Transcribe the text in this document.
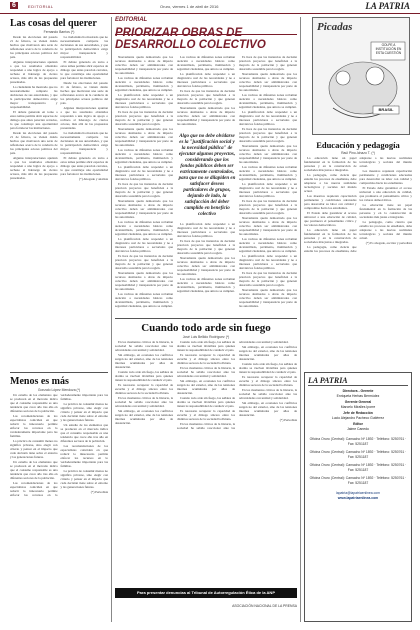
6	EDITORIAL	Oruro, viernes 1 de abril de 2016	LA PATRIA
Las cosas del querer
Fernando Barrios (*)

Desde las elecciones del pasado 21 de febrero, se vienen dando hechos que motivaron una serie de reflexiones acerca de la conducta de los principales actores políticos del país.

Algunas interpretaciones apuntan a que los resultados obtenidos responden a una lógica de apoyo o rechazo al liderazgo de ciertos actores, más allá de las propuestas presentadas.

La ciudadanía ha mostrado que no necesariamente comparte las decisiones de sus autoridades, y que la participación democrática exige mayor transparencia y responsabilidad.

El debate generado en torno a estos temas permite abrir espacios de diálogo que antes parecían cerrados, lo que constituye una oportunidad para fortalecer las instituciones.

Desde las elecciones del pasado 21 de febrero, se vienen dando hechos que motivaron una serie de reflexiones acerca de la conducta de los principales actores políticos del país.

Algunas interpretaciones apuntan a que los resultados obtenidos responden a una lógica de apoyo o rechazo al liderazgo de ciertos actores, más allá de las propuestas presentadas.

La ciudadanía ha mostrado que no necesariamente comparte las decisiones de sus autoridades, y que la participación democrática exige mayor transparencia y responsabilidad.

El debate generado en torno a estos temas permite abrir espacios de diálogo que antes parecían cerrados, lo que constituye una oportunidad para fortalecer las instituciones.

Desde las elecciones del pasado 21 de febrero, se vienen dando hechos que motivaron una serie de reflexiones acerca de la conducta de los principales actores políticos del país.

Algunas interpretaciones apuntan a que los resultados obtenidos responden a una lógica de apoyo o rechazo al liderazgo de ciertos actores, más allá de las propuestas presentadas.

La ciudadanía ha mostrado que no necesariamente comparte las decisiones de sus autoridades, y que la participación democrática exige mayor transparencia y responsabilidad.

El debate generado en torno a estos temas permite abrir espacios de diálogo que antes parecían cerrados, lo que constituye una oportunidad para fortalecer las instituciones.

(*) Abogado y analista

Menos es más
Gonzalo López Mendoza (*)

Un estudio de los elementos que se producen en el mercado indica que el consumo responsable es una tendencia que crece año tras año en diferentes sectores de la población.

Las recomendaciones de los especialistas coinciden en que reducir lo innecesario permite enfocar los recursos en lo verdaderamente importante para las familias.

La práctica de consumir menos no significa privarse, sino elegir con criterio y pensar en el impacto que cada decisión tiene sobre el entorno y las generaciones futuras.

Un estudio de los elementos que se producen en el mercado indica que el consumo responsable es una tendencia que crece año tras año en diferentes sectores de la población.

Las recomendaciones de los especialistas coinciden en que reducir lo innecesario permite enfocar los recursos en lo verdaderamente importante para las familias.

La práctica de consumir menos no significa privarse, sino elegir con criterio y pensar en el impacto que cada decisión tiene sobre el entorno y las generaciones futuras.

Un estudio de los elementos que se producen en el mercado indica que el consumo responsable es una tendencia que crece año tras año en diferentes sectores de la población.

Las recomendaciones de los especialistas coinciden en que reducir lo innecesario permite enfocar los recursos en lo verdaderamente importante para las familias.

La práctica de consumir menos no significa privarse, sino elegir con criterio y pensar en el impacto que cada decisión tiene sobre el entorno y las generaciones futuras.

(*) Periodista

EDITORIAL
PRIORIZAR OBRAS DE DESARROLLO COLECTIVO

Nuevamente queda demostrado que los recursos destinados a obras de impacto colectivo deben ser administrados con responsabilidad y transparencia por parte de las autoridades.

Los vecinos de diferentes zonas reclaman atención a necesidades básicas como alcantarillado, pavimento, iluminación y seguridad ciudadana, que aún no se cumplen.

La planificación debe responder a un diagnóstico real de las necesidades y no a intereses particulares o sectoriales que desvían los fondos públicos.

Es hora de que las instancias de decisión prioricen proyectos que beneficien a la mayoría de la población y que generen desarrollo sostenible para la región.

Nuevamente queda demostrado que los recursos destinados a obras de impacto colectivo deben ser administrados con responsabilidad y transparencia por parte de las autoridades.

Los vecinos de diferentes zonas reclaman atención a necesidades básicas como alcantarillado, pavimento, iluminación y seguridad ciudadana, que aún no se cumplen.

La planificación debe responder a un diagnóstico real de las necesidades y no a intereses particulares o sectoriales que desvían los fondos públicos.

Es hora de que las instancias de decisión prioricen proyectos que beneficien a la mayoría de la población y que generen desarrollo sostenible para la región.

Nuevamente queda demostrado que los recursos destinados a obras de impacto colectivo deben ser administrados con responsabilidad y transparencia por parte de las autoridades.

Los vecinos de diferentes zonas reclaman atención a necesidades básicas como alcantarillado, pavimento, iluminación y seguridad ciudadana, que aún no se cumplen.

La planificación debe responder a un diagnóstico real de las necesidades y no a intereses particulares o sectoriales que desvían los fondos públicos.

Es hora de que las instancias de decisión prioricen proyectos que beneficien a la mayoría de la población y que generen desarrollo sostenible para la región.

Nuevamente queda demostrado que los recursos destinados a obras de impacto colectivo deben ser administrados con responsabilidad y transparencia por parte de las autoridades.

Los vecinos de diferentes zonas reclaman atención a necesidades básicas como alcantarillado, pavimento, iluminación y seguridad ciudadana, que aún no se cumplen.

Los vecinos de diferentes zonas reclaman atención a necesidades básicas como alcantarillado, pavimento, iluminación y seguridad ciudadana, que aún no se cumplen.

La planificación debe responder a un diagnóstico real de las necesidades y no a intereses particulares o sectoriales que desvían los fondos públicos.

Es hora de que las instancias de decisión prioricen proyectos que beneficien a la mayoría de la población y que generen desarrollo sostenible para la región.

Nuevamente queda demostrado que los recursos destinados a obras de impacto colectivo deben ser administrados con responsabilidad y transparencia por parte de las autoridades.

Algo que no debe olvidarse es la "justificación social y la necesidad pública" de ejecutar algunos proyectos, considerando que los fondos públicos deben ser estrictamente controlados, para que no se dilapiden en satisfacer deseos particulares de grupos, dejando de lado, la satisfacción del deber cumplido en beneficio colectivo

La planificación debe responder a un diagnóstico real de las necesidades y no a intereses particulares o sectoriales que desvían los fondos públicos.

Es hora de que las instancias de decisión prioricen proyectos que beneficien a la mayoría de la población y que generen desarrollo sostenible para la región.

Nuevamente queda demostrado que los recursos destinados a obras de impacto colectivo deben ser administrados con responsabilidad y transparencia por parte de las autoridades.

Los vecinos de diferentes zonas reclaman atención a necesidades básicas como alcantarillado, pavimento, iluminación y seguridad ciudadana, que aún no se cumplen.

Es hora de que las instancias de decisión prioricen proyectos que beneficien a la mayoría de la población y que generen desarrollo sostenible para la región.

Nuevamente queda demostrado que los recursos destinados a obras de impacto colectivo deben ser administrados con responsabilidad y transparencia por parte de las autoridades.

Los vecinos de diferentes zonas reclaman atención a necesidades básicas como alcantarillado, pavimento, iluminación y seguridad ciudadana, que aún no se cumplen.

La planificación debe responder a un diagnóstico real de las necesidades y no a intereses particulares o sectoriales que desvían los fondos públicos.

Es hora de que las instancias de decisión prioricen proyectos que beneficien a la mayoría de la población y que generen desarrollo sostenible para la región.

Nuevamente queda demostrado que los recursos destinados a obras de impacto colectivo deben ser administrados con responsabilidad y transparencia por parte de las autoridades.

Los vecinos de diferentes zonas reclaman atención a necesidades básicas como alcantarillado, pavimento, iluminación y seguridad ciudadana, que aún no se cumplen.

La planificación debe responder a un diagnóstico real de las necesidades y no a intereses particulares o sectoriales que desvían los fondos públicos.

Es hora de que las instancias de decisión prioricen proyectos que beneficien a la mayoría de la población y que generen desarrollo sostenible para la región.

Nuevamente queda demostrado que los recursos destinados a obras de impacto colectivo deben ser administrados con responsabilidad y transparencia por parte de las autoridades.

Los vecinos de diferentes zonas reclaman atención a necesidades básicas como alcantarillado, pavimento, iluminación y seguridad ciudadana, que aún no se cumplen.

La planificación debe responder a un diagnóstico real de las necesidades y no a intereses particulares o sectoriales que desvían los fondos públicos.

Es hora de que las instancias de decisión prioricen proyectos que beneficien a la mayoría de la población y que generen desarrollo sostenible para la región.

Nuevamente queda demostrado que los recursos destinados a obras de impacto colectivo deben ser administrados con responsabilidad y transparencia por parte de las autoridades.

Cuando todo arde sin fuego
José Luis Bellido Rodríguez (*)

En los momentos críticos de la historia, la sociedad ha sabido reaccionar ante las adversidades con unidad y solidaridad.

Sin embargo, en ocasiones los conflictos surgen no del exterior, sino de las tensiones internas acumuladas por años de desatención.

Cuando todo arde sin fuego, las señales de alarma se vuelven invisibles para quienes tienen la responsabilidad de conducir el país.

Es necesario recuperar la capacidad de escucha y el diálogo sincero entre los distintos sectores de la sociedad boliviana.

En los momentos críticos de la historia, la sociedad ha sabido reaccionar ante las adversidades con unidad y solidaridad.

Sin embargo, en ocasiones los conflictos surgen no del exterior, sino de las tensiones internas acumuladas por años de desatención.

Cuando todo arde sin fuego, las señales de alarma se vuelven invisibles para quienes tienen la responsabilidad de conducir el país.

Es necesario recuperar la capacidad de escucha y el diálogo sincero entre los distintos sectores de la sociedad boliviana.

En los momentos críticos de la historia, la sociedad ha sabido reaccionar ante las adversidades con unidad y solidaridad.

Sin embargo, en ocasiones los conflictos surgen no del exterior, sino de las tensiones internas acumuladas por años de desatención.

Cuando todo arde sin fuego, las señales de alarma se vuelven invisibles para quienes tienen la responsabilidad de conducir el país.

Es necesario recuperar la capacidad de escucha y el diálogo sincero entre los distintos sectores de la sociedad boliviana.

En los momentos críticos de la historia, la sociedad ha sabido reaccionar ante las adversidades con unidad y solidaridad.

Sin embargo, en ocasiones los conflictos surgen no del exterior, sino de las tensiones internas acumuladas por años de desatención.

Cuando todo arde sin fuego, las señales de alarma se vuelven invisibles para quienes tienen la responsabilidad de conducir el país.

Es necesario recuperar la capacidad de escucha y el diálogo sincero entre los distintos sectores de la sociedad boliviana.

En los momentos críticos de la historia, la sociedad ha sabido reaccionar ante las adversidades con unidad y solidaridad.

Sin embargo, en ocasiones los conflictos surgen no del exterior, sino de las tensiones internas acumuladas por años de desatención.

(*) Periodista

Para presentar denuncias al Tribunal de Autorregulación Ética de la ANP
ASOCIACIÓN NACIONAL DE LA PRENSA
Picadas
GOLPE A INSTITUCIÓN EN ESTA CUESTIÓN
BRASIL
Educación y pedagogía
Raúl Pino-Ichazo T. (*)

La educación tiene un papel fundamental en la formación de las personas y en la construcción de sociedades más justas e integradas.

La pedagogía, como ciencia que estudia los procesos de enseñanza, debe adaptarse a las nuevas realidades tecnológicas y sociales del mundo actual.

Los maestros requieren capacitación permanente y condiciones adecuadas para desarrollar su labor con calidad y compromiso hacia los estudiantes.

El Estado debe garantizar el acceso universal a una educación de calidad, que promueva el pensamiento crítico y los valores democráticos.

La educación tiene un papel fundamental en la formación de las personas y en la construcción de sociedades más justas e integradas.

La pedagogía, como ciencia que estudia los procesos de enseñanza, debe adaptarse a las nuevas realidades tecnológicas y sociales del mundo actual.

Los maestros requieren capacitación permanente y condiciones adecuadas para desarrollar su labor con calidad y compromiso hacia los estudiantes.

El Estado debe garantizar el acceso universal a una educación de calidad, que promueva el pensamiento crítico y los valores democráticos.

La educación tiene un papel fundamental en la formación de las personas y en la construcción de sociedades más justas e integradas.

La pedagogía, como ciencia que estudia los procesos de enseñanza, debe adaptarse a las nuevas realidades tecnológicas y sociales del mundo actual.

(*) Es abogado, escritor y periodista

LA PATRIA
Directora - Gerente
Enriqueta Herbas Bermúdez
Gerente General
Marcelo Miralles Iporre
Jefe de Redacción
Lucio Alejandro Pacheco Gutiérrez
Editor
Jaime Canedo
Oficina Oruro (Central): Camacho Nº 1892 · Teléfono: 5250761 · Fax: 5251187
Oficina Oruro (Central): Camacho Nº 1892 · Teléfono: 5250761 · Fax: 5251187
Oficina Oruro (Central): Camacho Nº 1892 · Teléfono: 5250761 · Fax: 5251187
Oficina Oruro (Central): Camacho Nº 1892 · Teléfono: 5250761 · Fax: 5251187
lapatria@lapatriaenlinea.com
www.lapatriaenlinea.com
